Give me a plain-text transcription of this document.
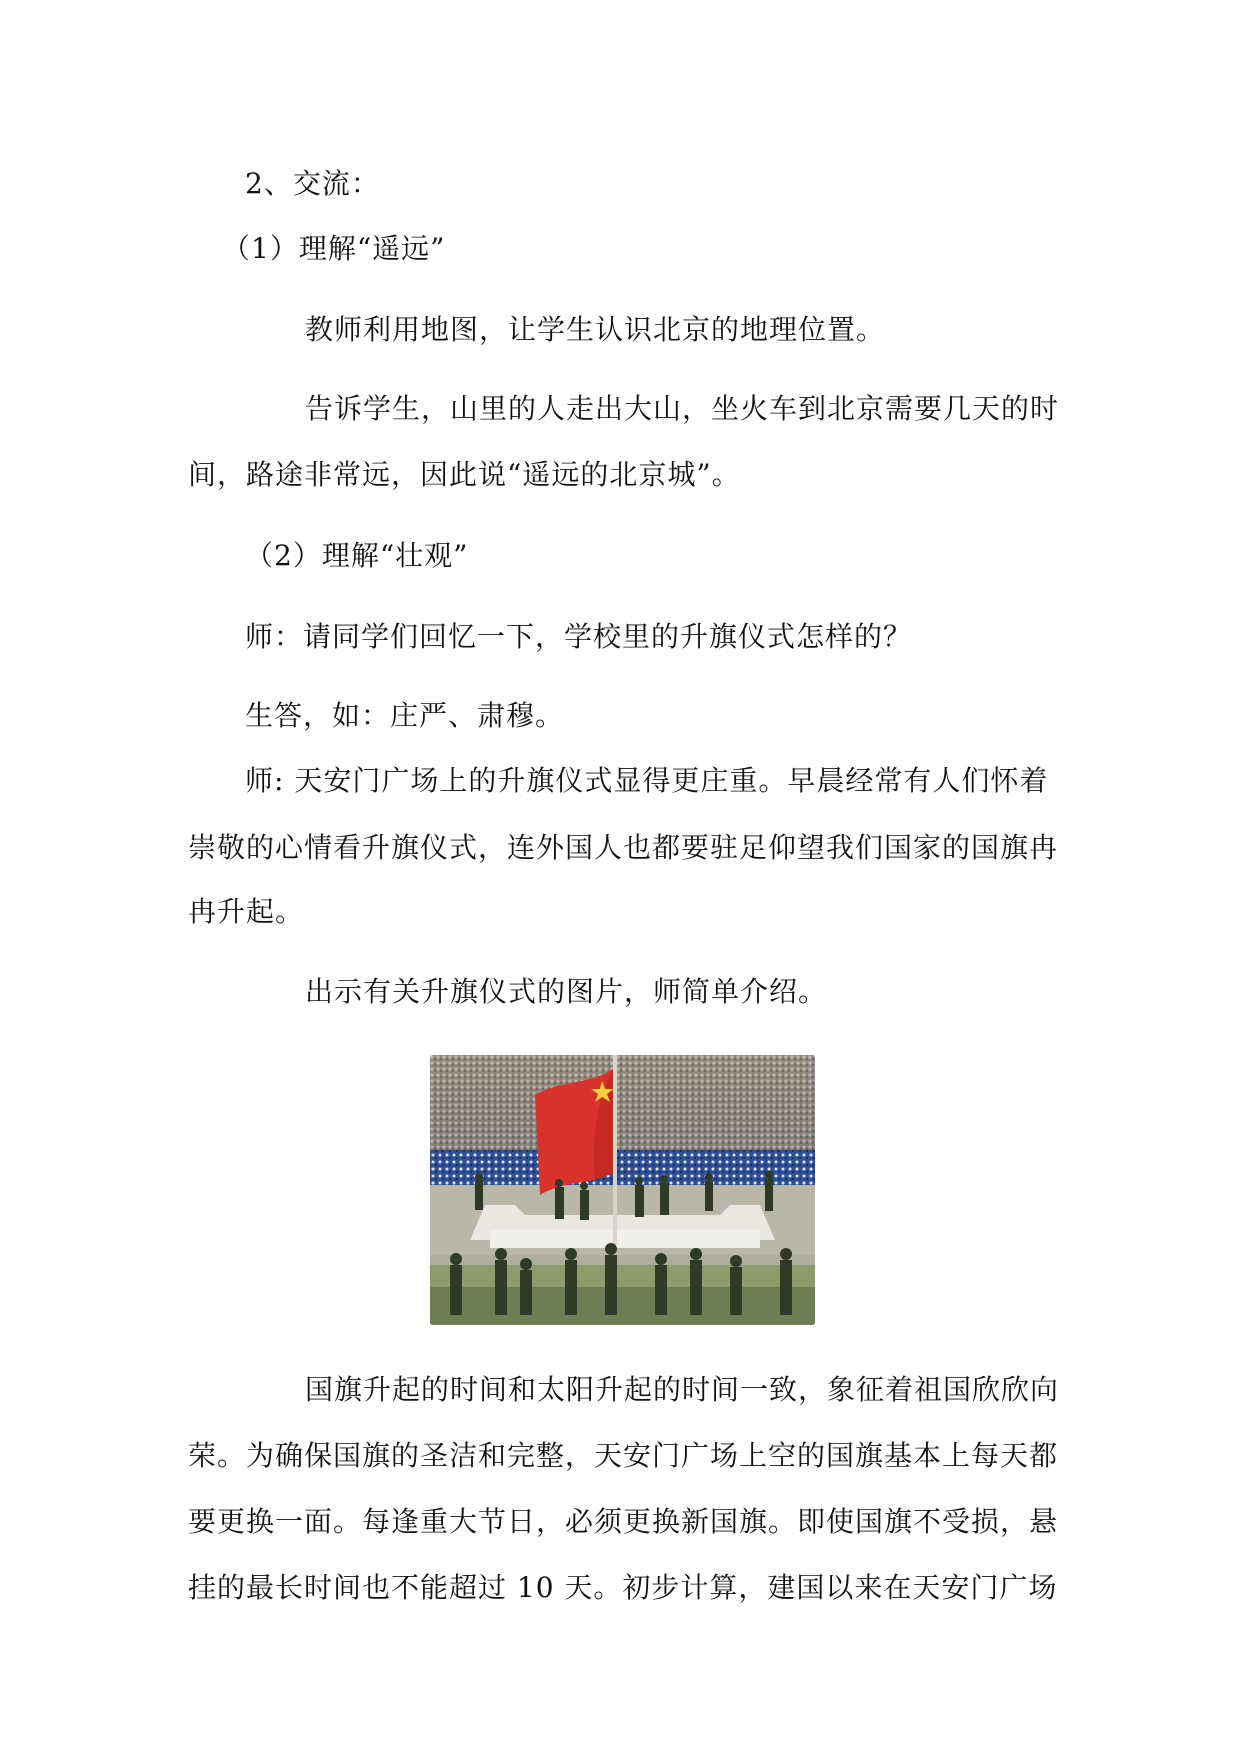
2、交流：
（1）理解“遥远”
教师利用地图，让学生认识北京的地理位置。
告诉学生，山里的人走出大山，坐火车到北京需要几天的时
间，路途非常远，因此说“遥远的北京城”。
（2）理解“壮观”
师：请同学们回忆一下，学校里的升旗仪式怎样的？
生答，如：庄严、肃穆。
师: 天安门广场上的升旗仪式显得更庄重。早晨经常有人们怀着
崇敬的心情看升旗仪式，连外国人也都要驻足仰望我们国家的国旗冉
冉升起。
出示有关升旗仪式的图片，师简单介绍。
国旗升起的时间和太阳升起的时间一致，象征着祖国欣欣向
荣。为确保国旗的圣洁和完整，天安门广场上空的国旗基本上每天都
要更换一面。每逢重大节日，必须更换新国旗。即使国旗不受损，悬
挂的最长时间也不能超过 10 天。初步计算，建国以来在天安门广场
